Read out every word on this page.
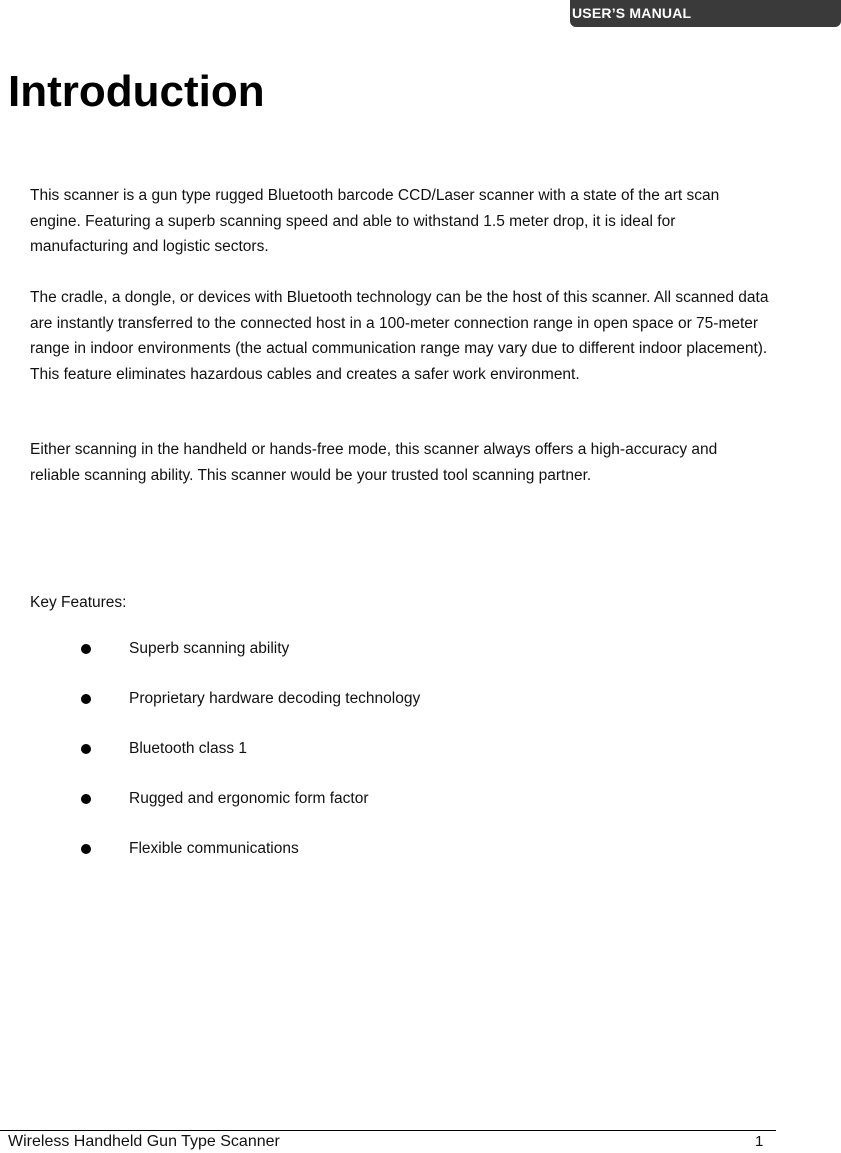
USER’S MANUAL
Introduction

This scanner is a gun type rugged Bluetooth barcode CCD/Laser scanner with a state of the art scan engine. Featuring a superb scanning speed and able to withstand 1.5 meter drop, it is ideal for manufacturing and logistic sectors.

The cradle, a dongle, or devices with Bluetooth technology can be the host of this scanner. All scanned data are instantly transferred to the connected host in a 100-meter connection range in open space or 75-meter range in indoor environments (the actual communication range may vary due to different indoor placement). This feature eliminates hazardous cables and creates a safer work environment.

Either scanning in the handheld or hands-free mode, this scanner always offers a high-accuracy and reliable scanning ability. This scanner would be your trusted tool scanning partner.

Key Features:

Superb scanning ability
Proprietary hardware decoding technology
Bluetooth class 1
Rugged and ergonomic form factor
Flexible communications
Wireless Handheld Gun Type Scanner	1
